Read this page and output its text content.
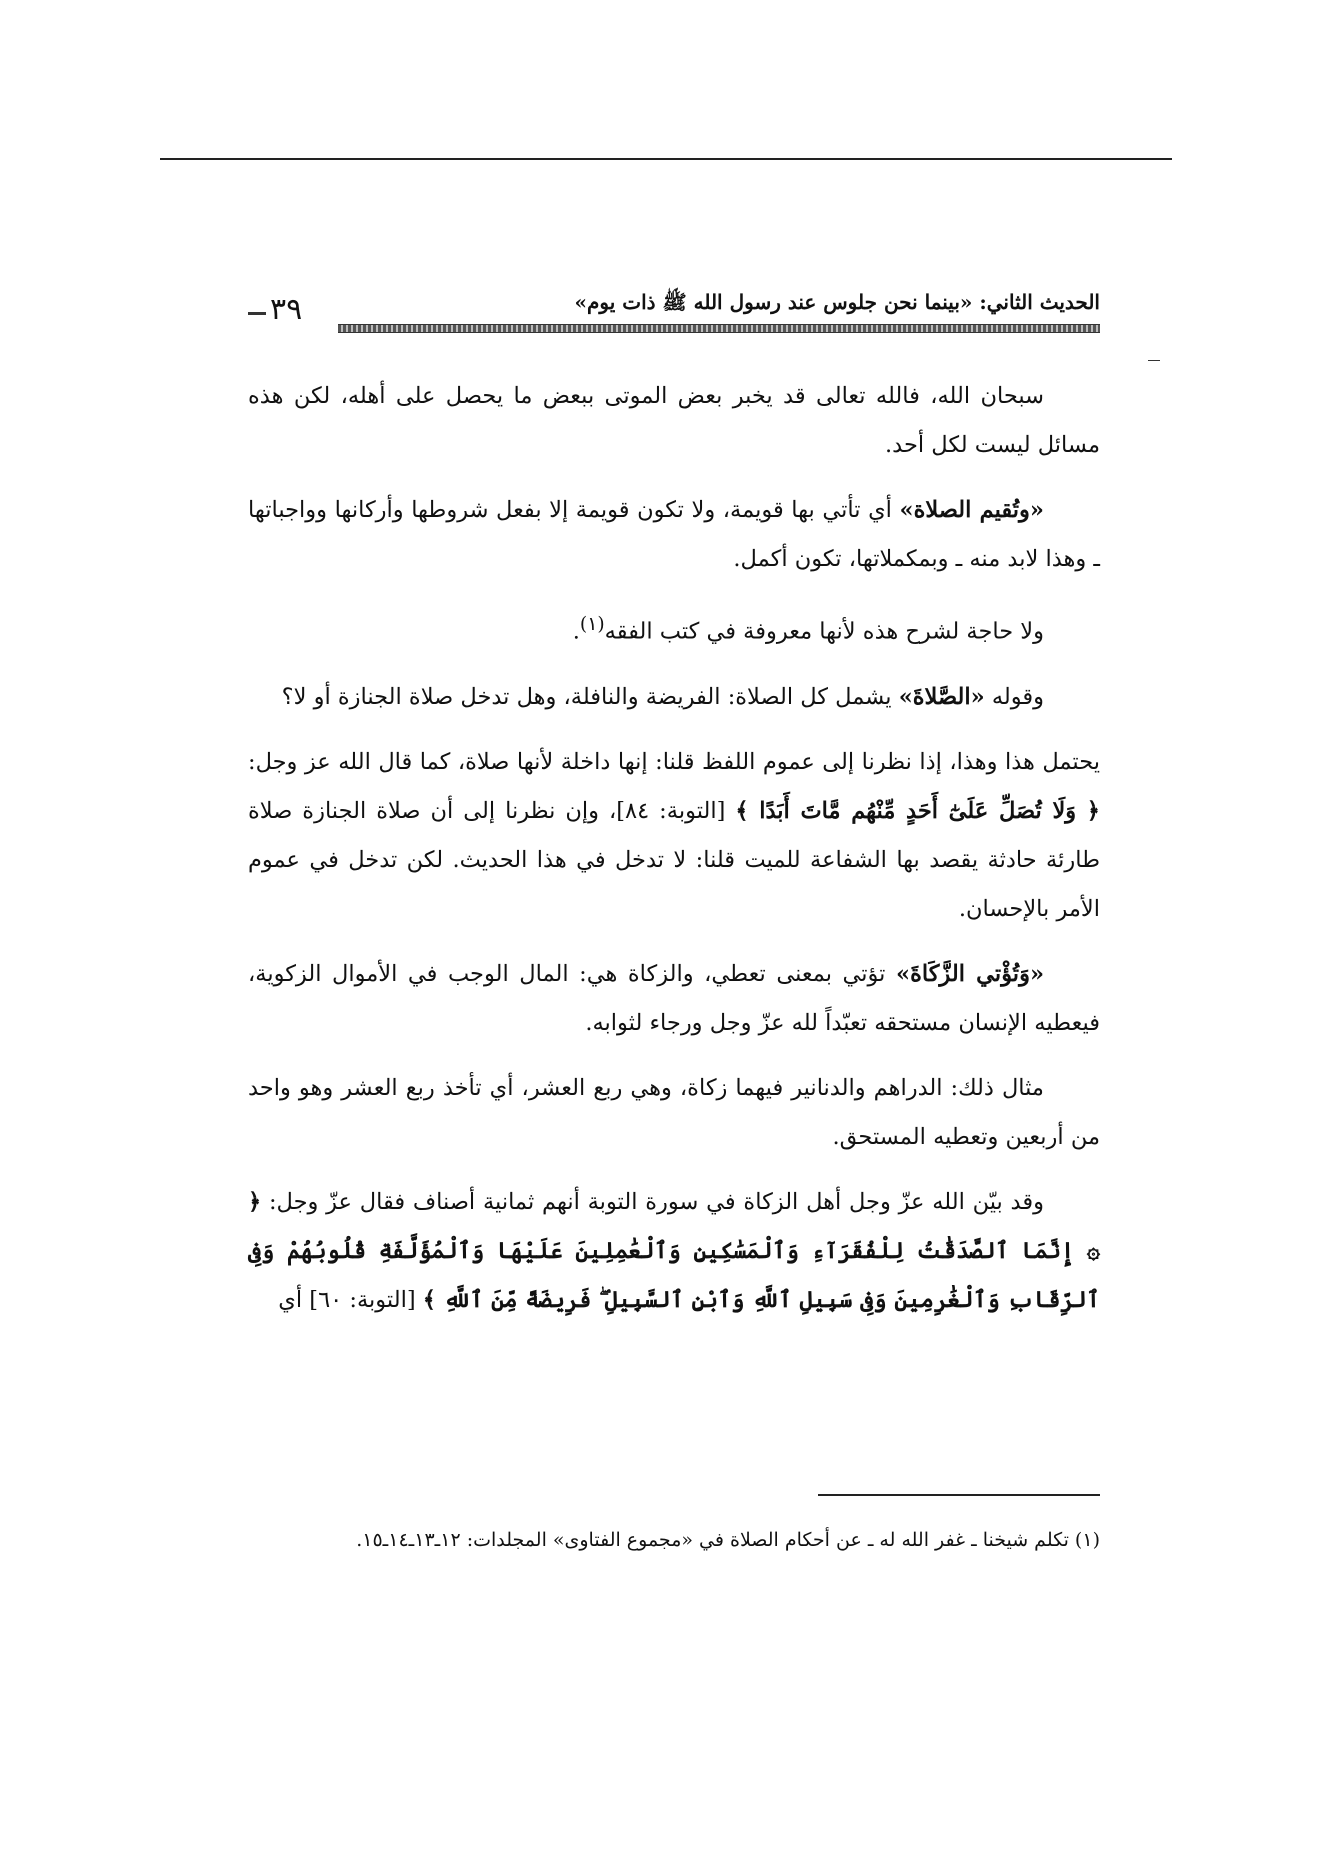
الحديث الثاني: «بينما نحن جلوس عند رسول الله ﷺ ذات يوم»
٣٩

سبحان الله، فالله تعالى قد يخبر بعض الموتى ببعض ما يحصل على أهله، لكن هذه مسائل ليست لكل أحد.

«وتُقيم الصلاة» أي تأتي بها قويمة، ولا تكون قويمة إلا بفعل شروطها وأركانها وواجباتها ـ وهذا لابد منه ـ وبمكملاتها، تكون أكمل.

ولا حاجة لشرح هذه لأنها معروفة في كتب الفقه$^{(١)}$.

وقوله «الصَّلاةَ» يشمل كل الصلاة: الفريضة والنافلة، وهل تدخل صلاة الجنازة أو لا؟

يحتمل هذا وهذا، إذا نظرنا إلى عموم اللفظ قلنا: إنها داخلة لأنها صلاة، كما قال الله عز وجل: ﴿ وَلَا تُصَلِّ عَلَىٰٓ أَحَدٍ مِّنْهُم مَّاتَ أَبَدًا ﴾ [التوبة: ٨٤]، وإن نظرنا إلى أن صلاة الجنازة صلاة طارئة حادثة يقصد بها الشفاعة للميت قلنا: لا تدخل في هذا الحديث. لكن تدخل في عموم الأمر بالإحسان.

«وَتُؤْتي الزَّكَاةَ» تؤتي بمعنى تعطي، والزكاة هي: المال الوجب في الأموال الزكوية، فيعطيه الإنسان مستحقه تعبّداً لله عزّ وجل ورجاء لثوابه.

مثال ذلك: الدراهم والدنانير فيهما زكاة، وهي ربع العشر، أي تأخذ ربع العشر وهو واحد من أربعين وتعطيه المستحق.

وقد بيّن الله عزّ وجل أهل الزكاة في سورة التوبة أنهم ثمانية أصناف فقال عزّ وجل: ﴿ ۞ إِنَّمَا ٱلصَّدَقَٰتُ لِلْفُقَرَآءِ وَٱلْمَسَٰكِينِ وَٱلْعَٰمِلِينَ عَلَيْهَا وَٱلْمُؤَلَّفَةِ قُلُوبُهُمْ وَفِى ٱلرِّقَابِ وَٱلْغَٰرِمِينَ وَفِى سَبِيلِ ٱللَّهِ وَٱبْنِ ٱلسَّبِيلِ ۖ فَرِيضَةً مِّنَ ٱللَّهِ ﴾ [التوبة: ٦٠] أي

(١) تكلم شيخنا ـ غفر الله له ـ عن أحكام الصلاة في «مجموع الفتاوى» المجلدات: ١٢ـ١٣ـ١٤ـ١٥.
